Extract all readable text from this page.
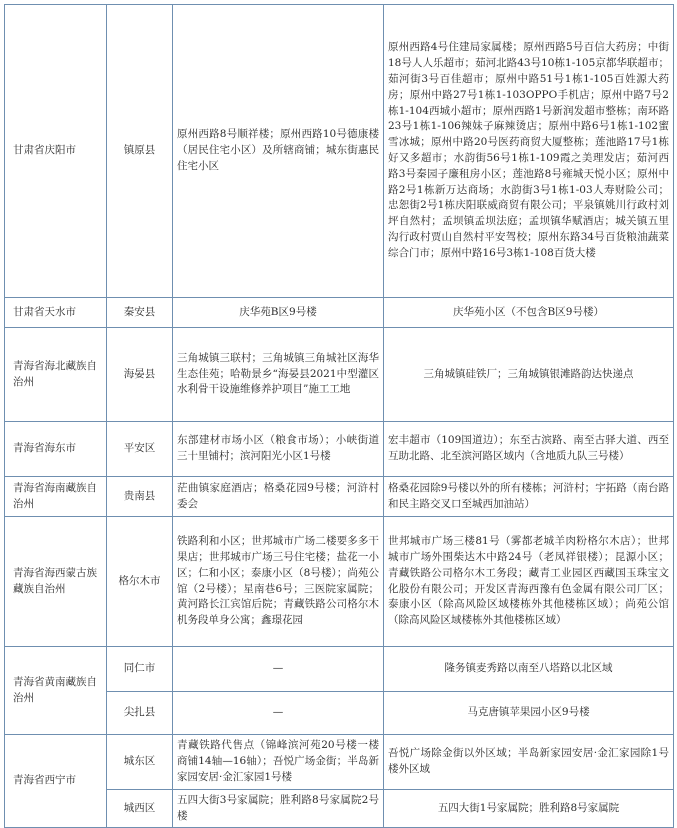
甘肃省庆阳市	镇原县	原州西路8号顺祥楼；原州西路10号德康楼（居民住宅小区）及所辖商铺；城东街惠民住宅小区	原州西路4号住建局家属楼；原州西路5号百信大药房；中街18号人人乐超市；茹河北路43号10栋1-105京都华联超市；茹河街3号百佳超市；原州中路51号1栋1-105百姓源大药房；原州中路27号1栋1-103OPPO手机店；原州中路7号2栋1-104西城小超市；原州西路1号新润发超市整栋；南环路23号1栋1-106辣妹子麻辣烫店；原州中路6号1栋1-102蜜雪冰城；原州中路20号医药商贸大厦整栋；莲池路17号1栋好又多超市；水韵街56号1栋1-109霞之美理发店；茹河西路3号秦园子廉租房小区；莲池路8号雍城天悦小区；原州中路2号1栋新万达商场；水韵街3号1栋1-03人寿财险公司；忠恕街2号1栋庆阳联威商贸有限公司；平泉镇姚川行政村刘坪自然村；孟坝镇孟坝法庭；孟坝镇华赋酒店；城关镇五里沟行政村贾山自然村平安驾校；原州东路34号百货粮油蔬菜综合门市；原州中路16号3栋1-108百货大楼
甘肃省天水市	秦安县	庆华苑B区9号楼	庆华苑小区（不包含B区9号楼）
青海省海北藏族自治州	海晏县	三角城镇三联村；三角城镇三角城社区海华生态佳苑；哈勒景乡“海晏县2021中型灌区水利骨干设施维修养护项目”施工工地	三角城镇硅铁厂；三角城镇银滩路韵达快递点
青海省海东市	平安区	东部建材市场小区（粮食市场）；小峡街道三十里铺村；滨河阳光小区1号楼	宏丰超市（109国道边）；东至古滨路、南至古驿大道、西至互助北路、北至滨河路区域内（含地质九队三号楼）
青海省海南藏族自治州	贵南县	茫曲镇家庭酒店；格桑花园9号楼；河浒村委会	格桑花园除9号楼以外的所有楼栋；河浒村；宇拓路（南台路和民主路交叉口至城西加油站）
青海省海西蒙古族藏族自治州	格尔木市	铁路利和小区；世邦城市广场二楼要多多干果店；世邦城市广场三号住宅楼；盐花一小区；仁和小区；泰康小区（8号楼）；尚苑公馆（2号楼）；星南巷6号；三医院家属院；黄河路长江宾馆后院；青藏铁路公司格尔木机务段单身公寓；鑫璟花园	世邦城市广场三楼81号（雾都老城羊肉粉格尔木店）；世邦城市广场外围柴达木中路24号（老凤祥银楼）；昆源小区；青藏铁路公司格尔木工务段；藏青工业园区西藏国玉珠宝文化股份有限公司；开发区青海西豫有色金属有限公司厂区；泰康小区（除高风险区域楼栋外其他楼栋区域）；尚苑公馆（除高风险区域楼栋外其他楼栋区域）
青海省黄南藏族自治州	同仁市	—	隆务镇麦秀路以南至八塔路以北区域
	尖扎县	—	马克唐镇苹果园小区9号楼
青海省西宁市	城东区	青藏铁路代售点（锦峰滨河苑20号楼一楼商铺14轴—16轴）；吾悦广场金街；半岛新家园安居·金汇家园1号楼	吾悦广场除金街以外区域；半岛新家园安居·金汇家园除1号楼外区域
	城西区	五四大街3号家属院；胜利路8号家属院2号楼	五四大街1号家属院；胜利路8号家属院
